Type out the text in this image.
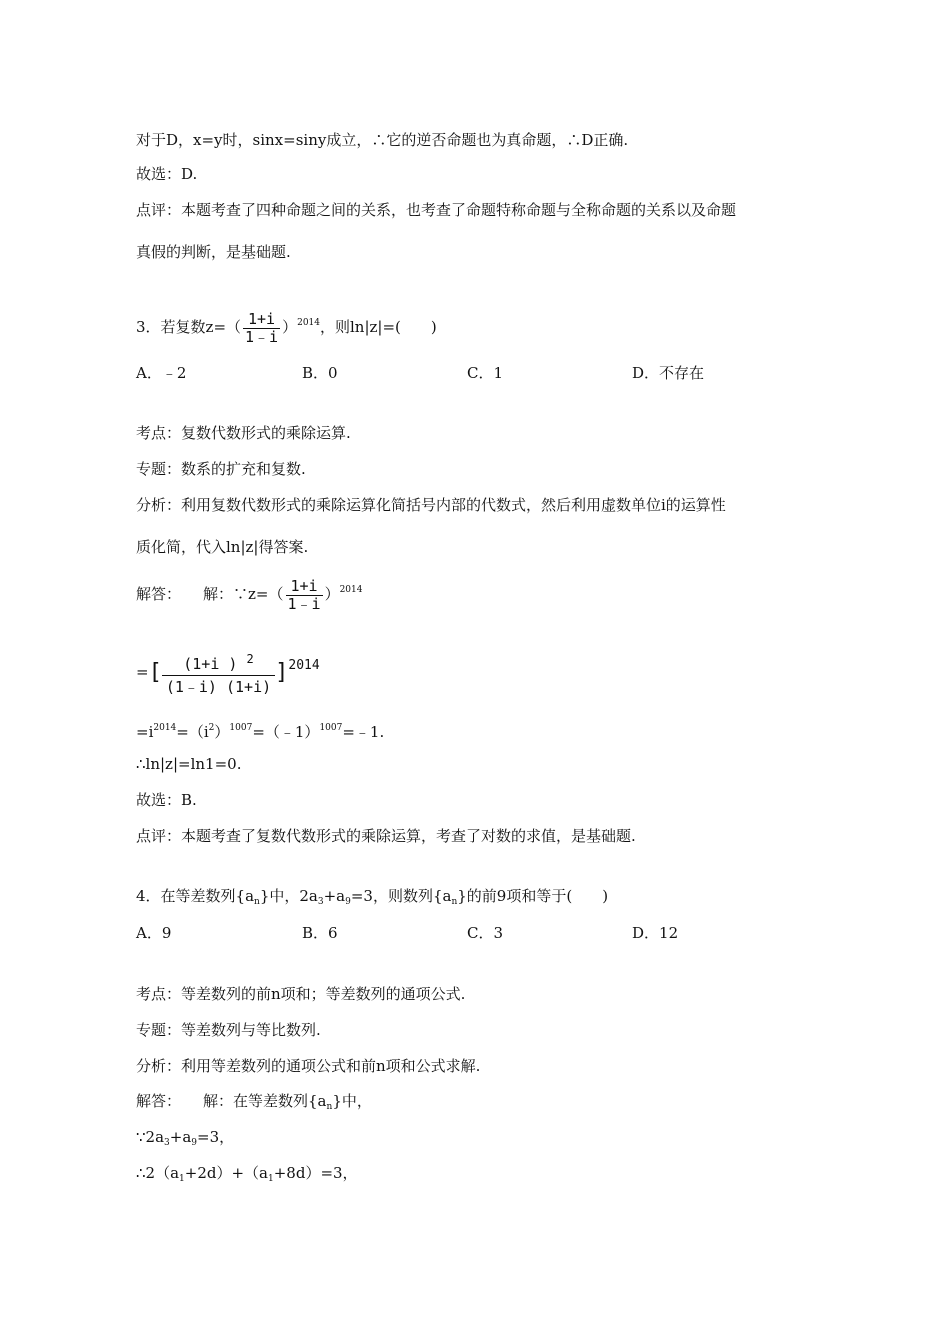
对于D，x=y时，sinx=siny成立，∴它的逆否命题也为真命题，∴D正确.
故选：D.
点评：本题考查了四种命题之间的关系，也考查了命题特称命题与全称命题的关系以及命题
真假的判断，是基础题.
3．若复数$z=( \frac{1+i}{1﹣i} )^{2014}$，则ln|z|=(　　)
A．﹣2	B．0	C．1	D．不存在
考点：复数代数形式的乘除运算.
专题：数系的扩充和复数.
分析：利用复数代数形式的乘除运算化简括号内部的代数式，然后利用虚数单位i的运算性
质化简，代入ln|z|得答案.
解答： 解：∵z=（ $\frac{1+i}{1﹣i} )^{2014}$
=[ $\frac{(1+i ) ^2}{(1﹣i) (1+i)} ]2014$
$=i^{2014}=(i^2)^{1007}=(﹣1)^{1007}=﹣1$.
∴ln|z|=ln1=0.
故选：B.
点评：本题考查了复数代数形式的乘除运算，考查了对数的求值，是基础题.
4．在等差数列$\{a_n\}$中，$2a_3+a_9=3$，则数列$\{a_n\}$的前9项和等于(　　)
A．9	B．6	C．3	D．12
考点：等差数列的前n项和；等差数列的通项公式.
专题：等差数列与等比数列.
分析：利用等差数列的通项公式和前n项和公式求解.
解答： 解：在等差数列$\{a_n\}$中，
$\because 2a_3+a_9=3$，
$\therefore 2(a_1+2d)+(a_1+8d)=3$，
